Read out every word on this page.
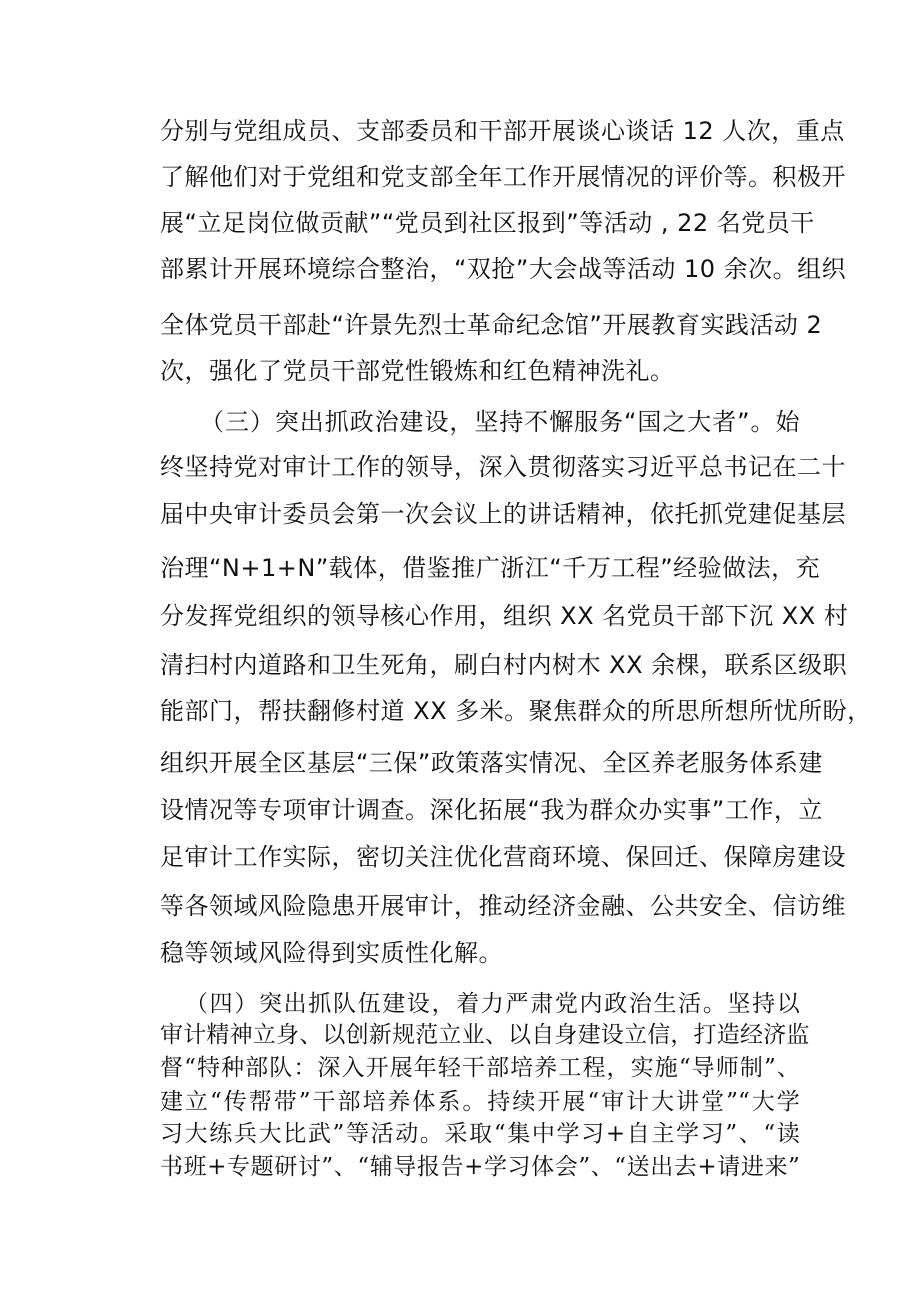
分别与党组成员、支部委员和干部开展谈心谈话 12 人次，重点
了解他们对于党组和党支部全年工作开展情况的评价等。积极开
展“立足岗位做贡献”“党员到社区报到”等活动 , 22 名党员干
部累计开展环境综合整治，“双抢”大会战等活动 10 余次。组织
全体党员干部赴“许景先烈士革命纪念馆”开展教育实践活动 2
次，强化了党员干部党性锻炼和红色精神洗礼。
（三）突出抓政治建设，坚持不懈服务“国之大者”。始
终坚持党对审计工作的领导，深入贯彻落实习近平总书记在二十
届中央审计委员会第一次会议上的讲话精神，依托抓党建促基层
治理“N+1+N”载体，借鉴推广浙江“千万工程”经验做法，充
分发挥党组织的领导核心作用，组织 XX 名党员干部下沉 XX 村
清扫村内道路和卫生死角，刷白村内树木 XX 余棵，联系区级职
能部门，帮扶翻修村道 XX 多米。聚焦群众的所思所想所忧所盼，
组织开展全区基层“三保”政策落实情况、全区养老服务体系建
设情况等专项审计调查。深化拓展“我为群众办实事”工作，立
足审计工作实际，密切关注优化营商环境、保回迁、保障房建设
等各领域风险隐患开展审计，推动经济金融、公共安全、信访维
稳等领域风险得到实质性化解。
（四）突出抓队伍建设，着力严肃党内政治生活。坚持以
审计精神立身、以创新规范立业、以自身建设立信，打造经济监
督“特种部队：深入开展年轻干部培养工程，实施“导师制”、
建立“传帮带”干部培养体系。持续开展“审计大讲堂”“大学
习大练兵大比武”等活动。采取“集中学习+自主学习”、“读
书班+专题研讨”、“辅导报告+学习体会”、“送出去+请进来”
